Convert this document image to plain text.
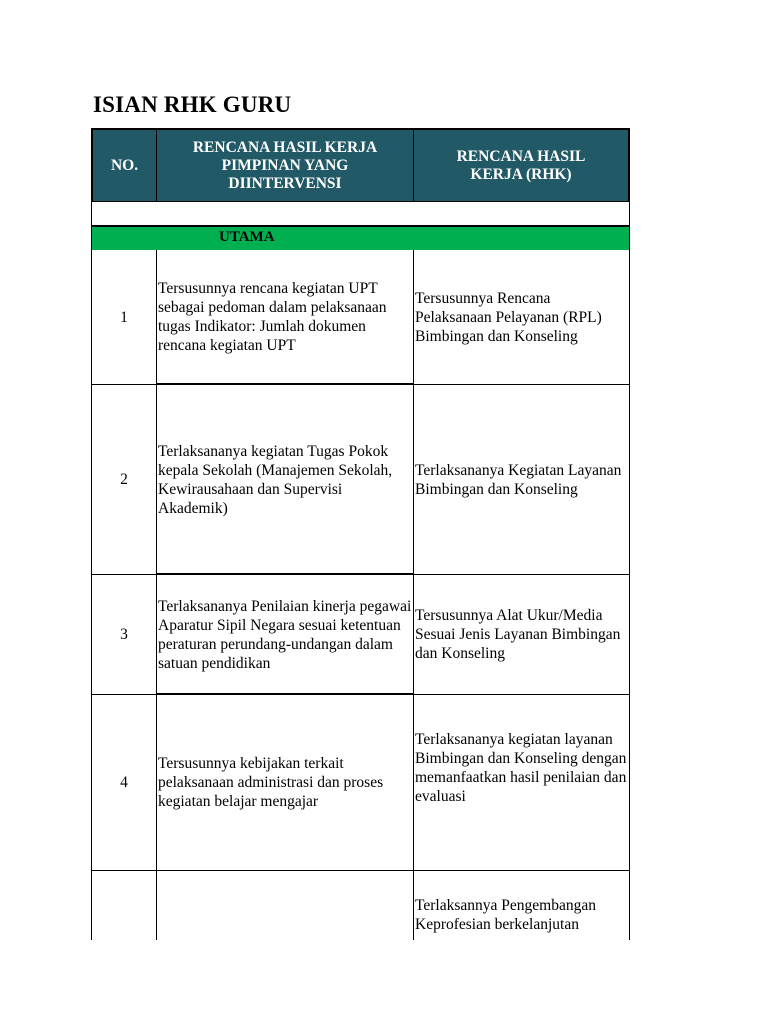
ISIAN RHK GURU
NO.
RENCANA HASIL KERJA PIMPINAN YANG DIINTERVENSI
RENCANA HASIL KERJA (RHK)
UTAMA
1
Tersusunnya rencana kegiatan UPT sebagai pedoman dalam pelaksanaan tugas Indikator: Jumlah dokumen rencana kegiatan UPT
Tersusunnya Rencana Pelaksanaan Pelayanan (RPL) Bimbingan dan Konseling
2
Terlaksananya kegiatan Tugas Pokok kepala Sekolah (Manajemen Sekolah, Kewirausahaan dan Supervisi Akademik)
Terlaksananya Kegiatan Layanan Bimbingan dan Konseling
3
Terlaksananya Penilaian kinerja pegawai Aparatur Sipil Negara sesuai ketentuan peraturan perundang-undangan dalam satuan pendidikan
Tersusunnya Alat Ukur/Media Sesuai Jenis Layanan Bimbingan dan Konseling
4
Tersusunnya kebijakan terkait pelaksanaan administrasi dan proses kegiatan belajar mengajar
Terlaksananya kegiatan layanan Bimbingan dan Konseling dengan memanfaatkan hasil penilaian dan evaluasi
Terlaksannya Pengembangan Keprofesian berkelanjutan
